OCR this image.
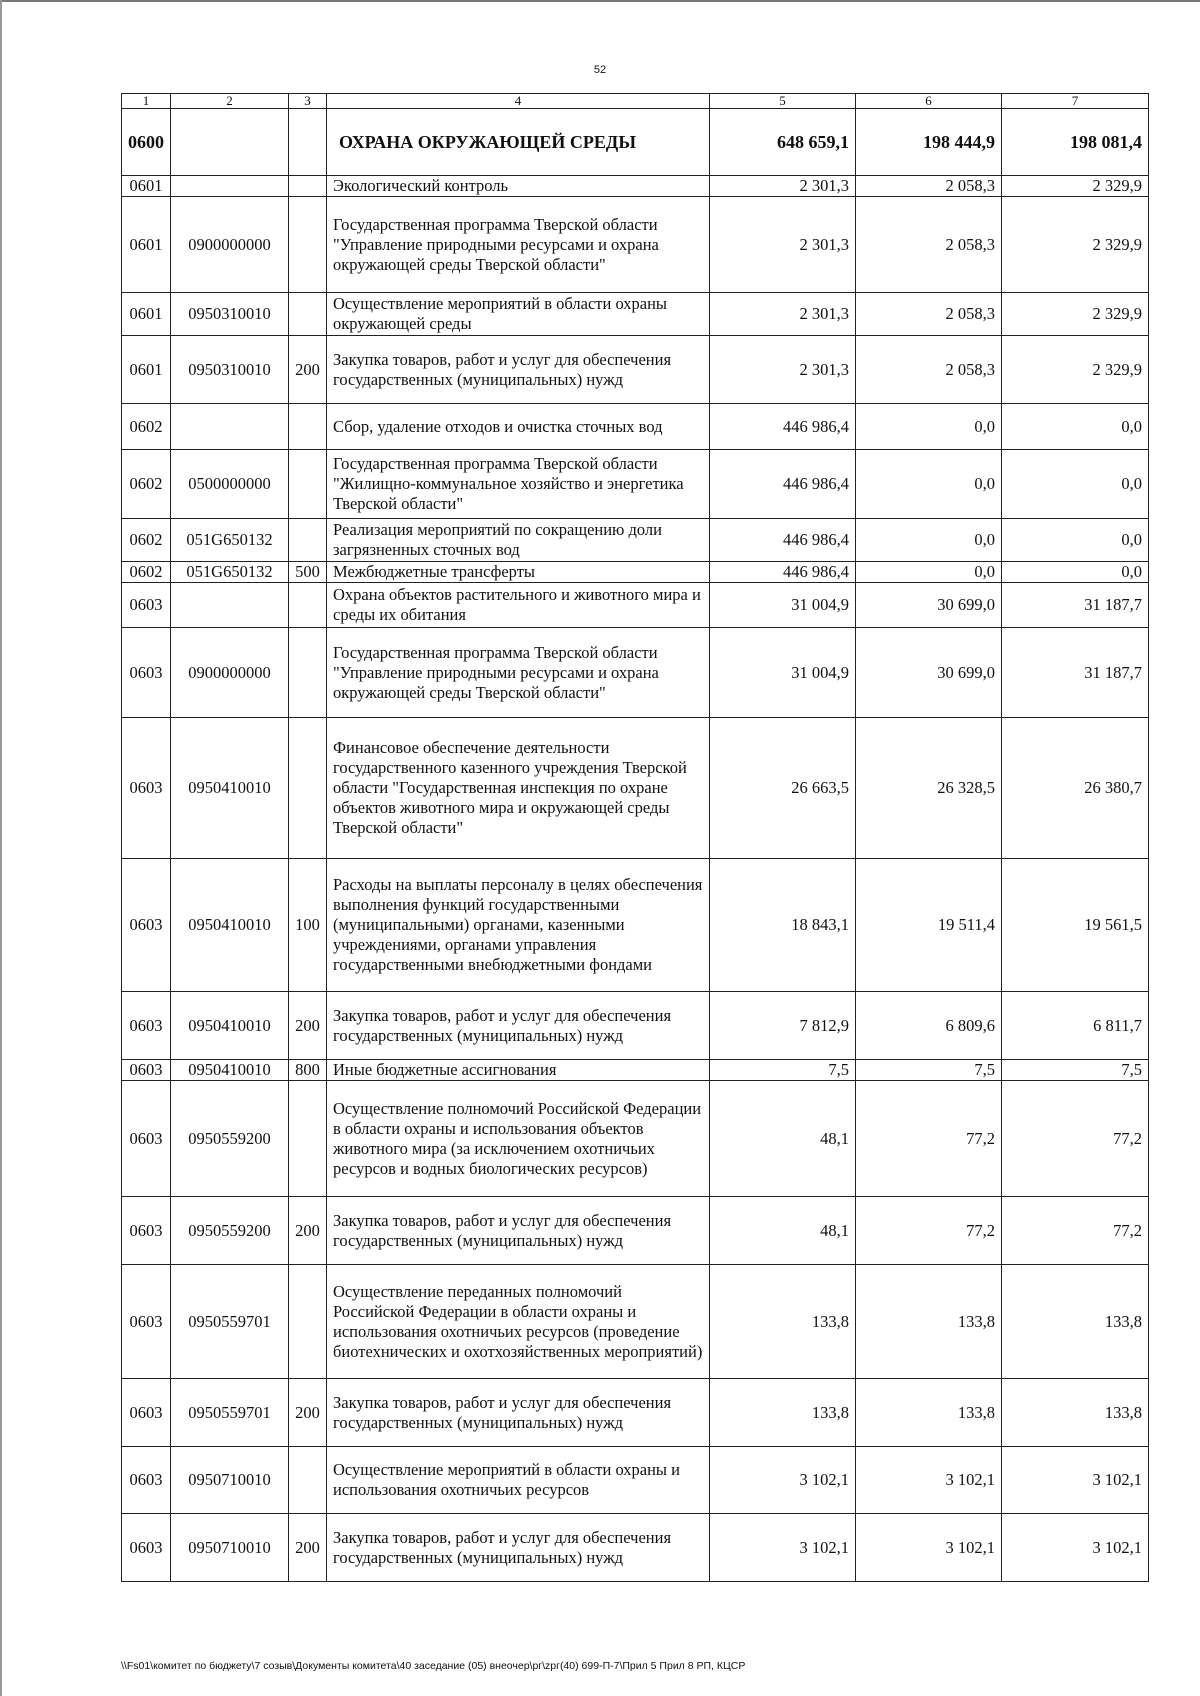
52
1	2	3	4	5	6	7
0600			ОХРАНА ОКРУЖАЮЩЕЙ СРЕДЫ	648 659,1	198 444,9	198 081,4
0601			Экологический контроль	2 301,3	2 058,3	2 329,9
0601	0900000000		Государственная программа Тверской области "Управление природными ресурсами и охрана окружающей среды Тверской области"	2 301,3	2 058,3	2 329,9
0601	0950310010		Осуществление мероприятий в области охраны окружающей среды	2 301,3	2 058,3	2 329,9
0601	0950310010	200	Закупка товаров, работ и услуг для обеспечения государственных (муниципальных) нужд	2 301,3	2 058,3	2 329,9
0602			Сбор, удаление отходов и очистка сточных вод	446 986,4	0,0	0,0
0602	0500000000		Государственная программа Тверской области "Жилищно-коммунальное хозяйство и энергетика Тверской области"	446 986,4	0,0	0,0
0602	051G650132		Реализация мероприятий по сокращению доли загрязненных сточных вод	446 986,4	0,0	0,0
0602	051G650132	500	Межбюджетные трансферты	446 986,4	0,0	0,0
0603			Охрана объектов растительного и животного мира и среды их обитания	31 004,9	30 699,0	31 187,7
0603	0900000000		Государственная программа Тверской области "Управление природными ресурсами и охрана окружающей среды Тверской области"	31 004,9	30 699,0	31 187,7
0603	0950410010		Финансовое обеспечение деятельности государственного казенного учреждения Тверской области "Государственная инспекция по охране объектов животного мира и окружающей среды Тверской области"	26 663,5	26 328,5	26 380,7
0603	0950410010	100	Расходы на выплаты персоналу в целях обеспечения выполнения функций государственными (муниципальными) органами, казенными учреждениями, органами управления государственными внебюджетными фондами	18 843,1	19 511,4	19 561,5
0603	0950410010	200	Закупка товаров, работ и услуг для обеспечения государственных (муниципальных) нужд	7 812,9	6 809,6	6 811,7
0603	0950410010	800	Иные бюджетные ассигнования	7,5	7,5	7,5
0603	0950559200		Осуществление полномочий Российской Федерации в области охраны и использования объектов животного мира (за исключением охотничьих ресурсов и водных биологических ресурсов)	48,1	77,2	77,2
0603	0950559200	200	Закупка товаров, работ и услуг для обеспечения государственных (муниципальных) нужд	48,1	77,2	77,2
0603	0950559701		Осуществление переданных полномочий Российской Федерации в области охраны и использования охотничьих ресурсов (проведение биотехнических и охотхозяйственных мероприятий)	133,8	133,8	133,8
0603	0950559701	200	Закупка товаров, работ и услуг для обеспечения государственных (муниципальных) нужд	133,8	133,8	133,8
0603	0950710010		Осуществление мероприятий в области охраны и использования охотничьих ресурсов	3 102,1	3 102,1	3 102,1
0603	0950710010	200	Закупка товаров, работ и услуг для обеспечения государственных (муниципальных) нужд	3 102,1	3 102,1	3 102,1
\\Fs01\комитет по бюджету\7 созыв\Документы комитета\40 заседание (05) внеочер\рг\zрг(40) 699-П-7\Прил 5 Прил 8 РП, КЦСР
